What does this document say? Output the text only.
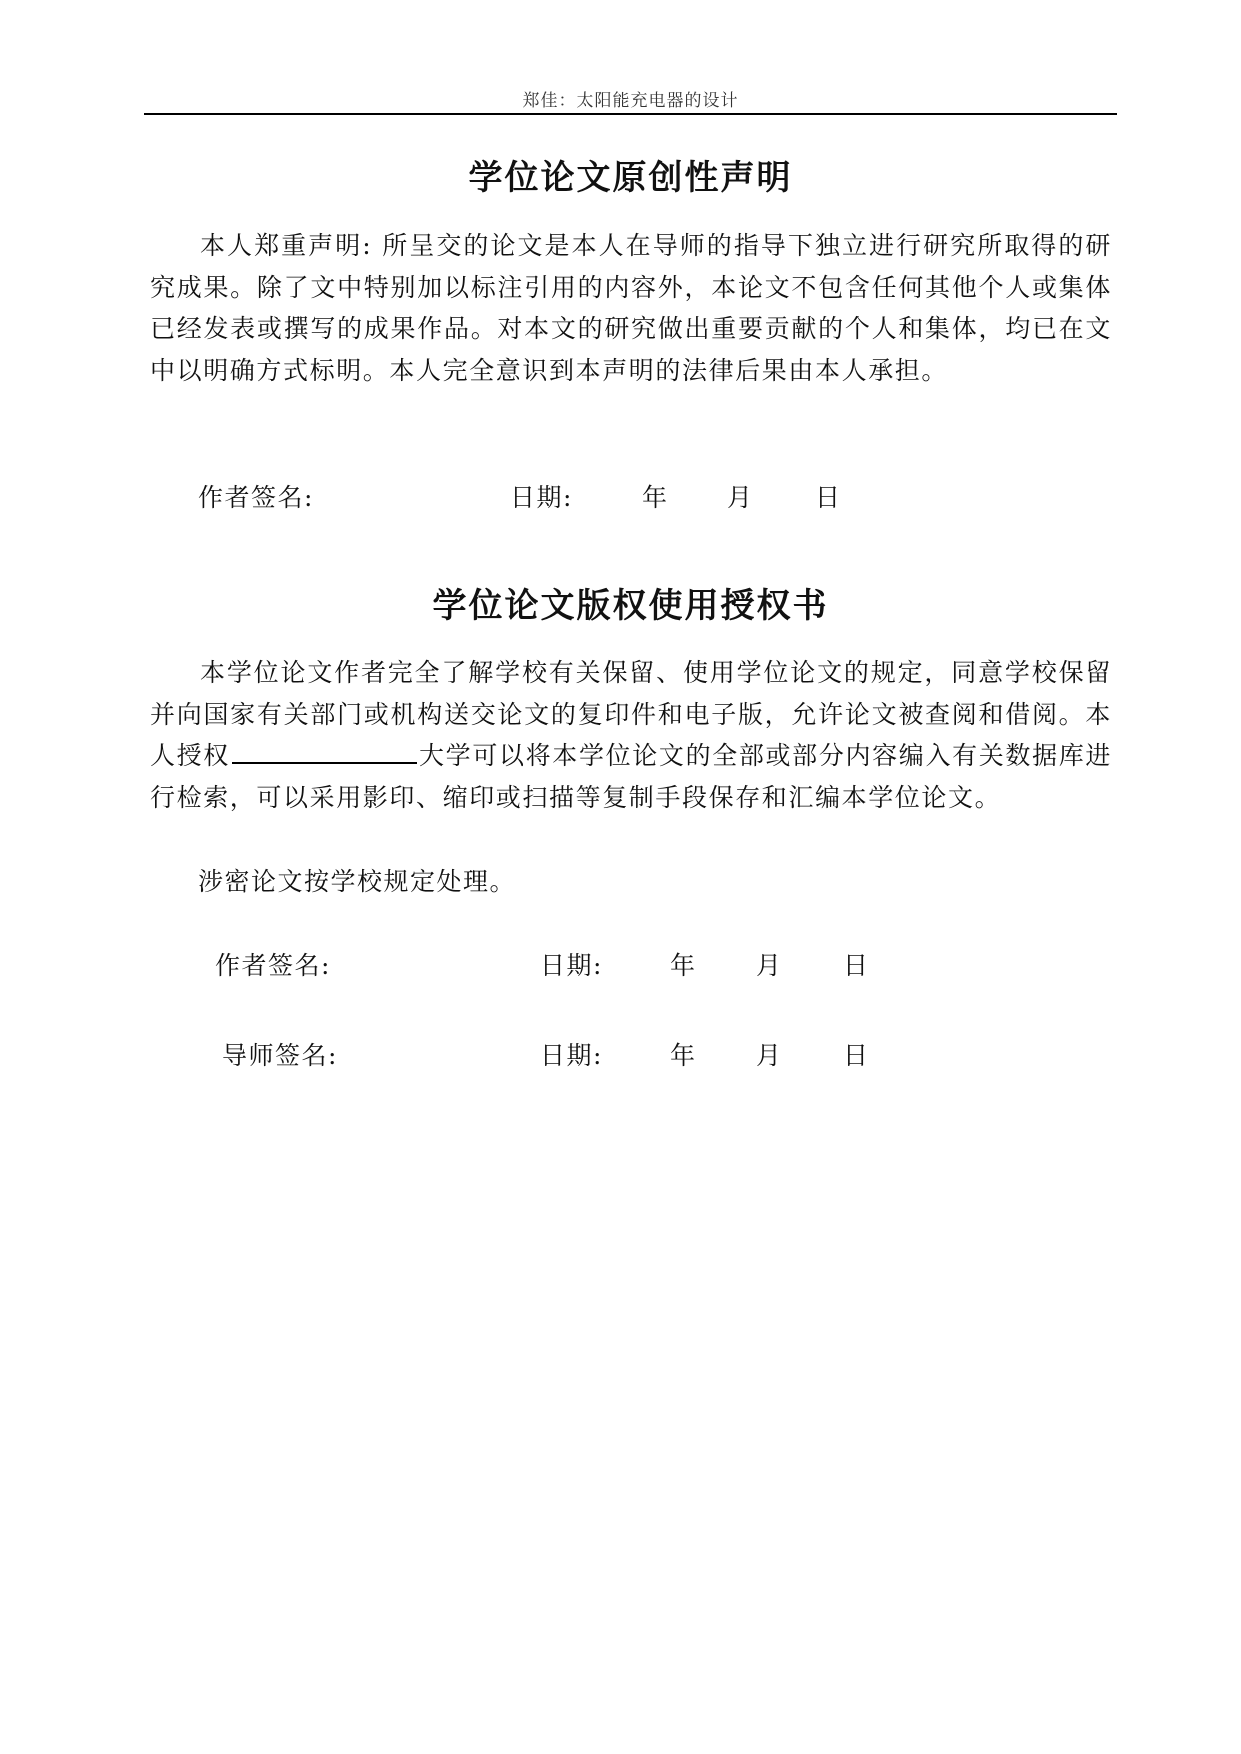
郑佳：太阳能充电器的设计
学位论文原创性声明

本人郑重声明: 所呈交的论文是本人在导师的指导下独立进行研究所取得的研究成果。除了文中特别加以标注引用的内容外，本论文不包含任何其他个人或集体已经发表或撰写的成果作品。对本文的研究做出重要贡献的个人和集体，均已在文中以明确方式标明。本人完全意识到本声明的法律后果由本人承担。

作者签名:	日期:	年 月 日
学位论文版权使用授权书

本学位论文作者完全了解学校有关保留、使用学位论文的规定，同意学校保留并向国家有关部门或机构送交论文的复印件和电子版，允许论文被查阅和借阅。本人授权	大学可以将本学位论文的全部或部分内容编入有关数据库进行检索，可以采用影印、缩印或扫描等复制手段保存和汇编本学位论文。

涉密论文按学校规定处理。
作者签名:	日期:	年 月 日
导师签名:	日期:	年 月 日
